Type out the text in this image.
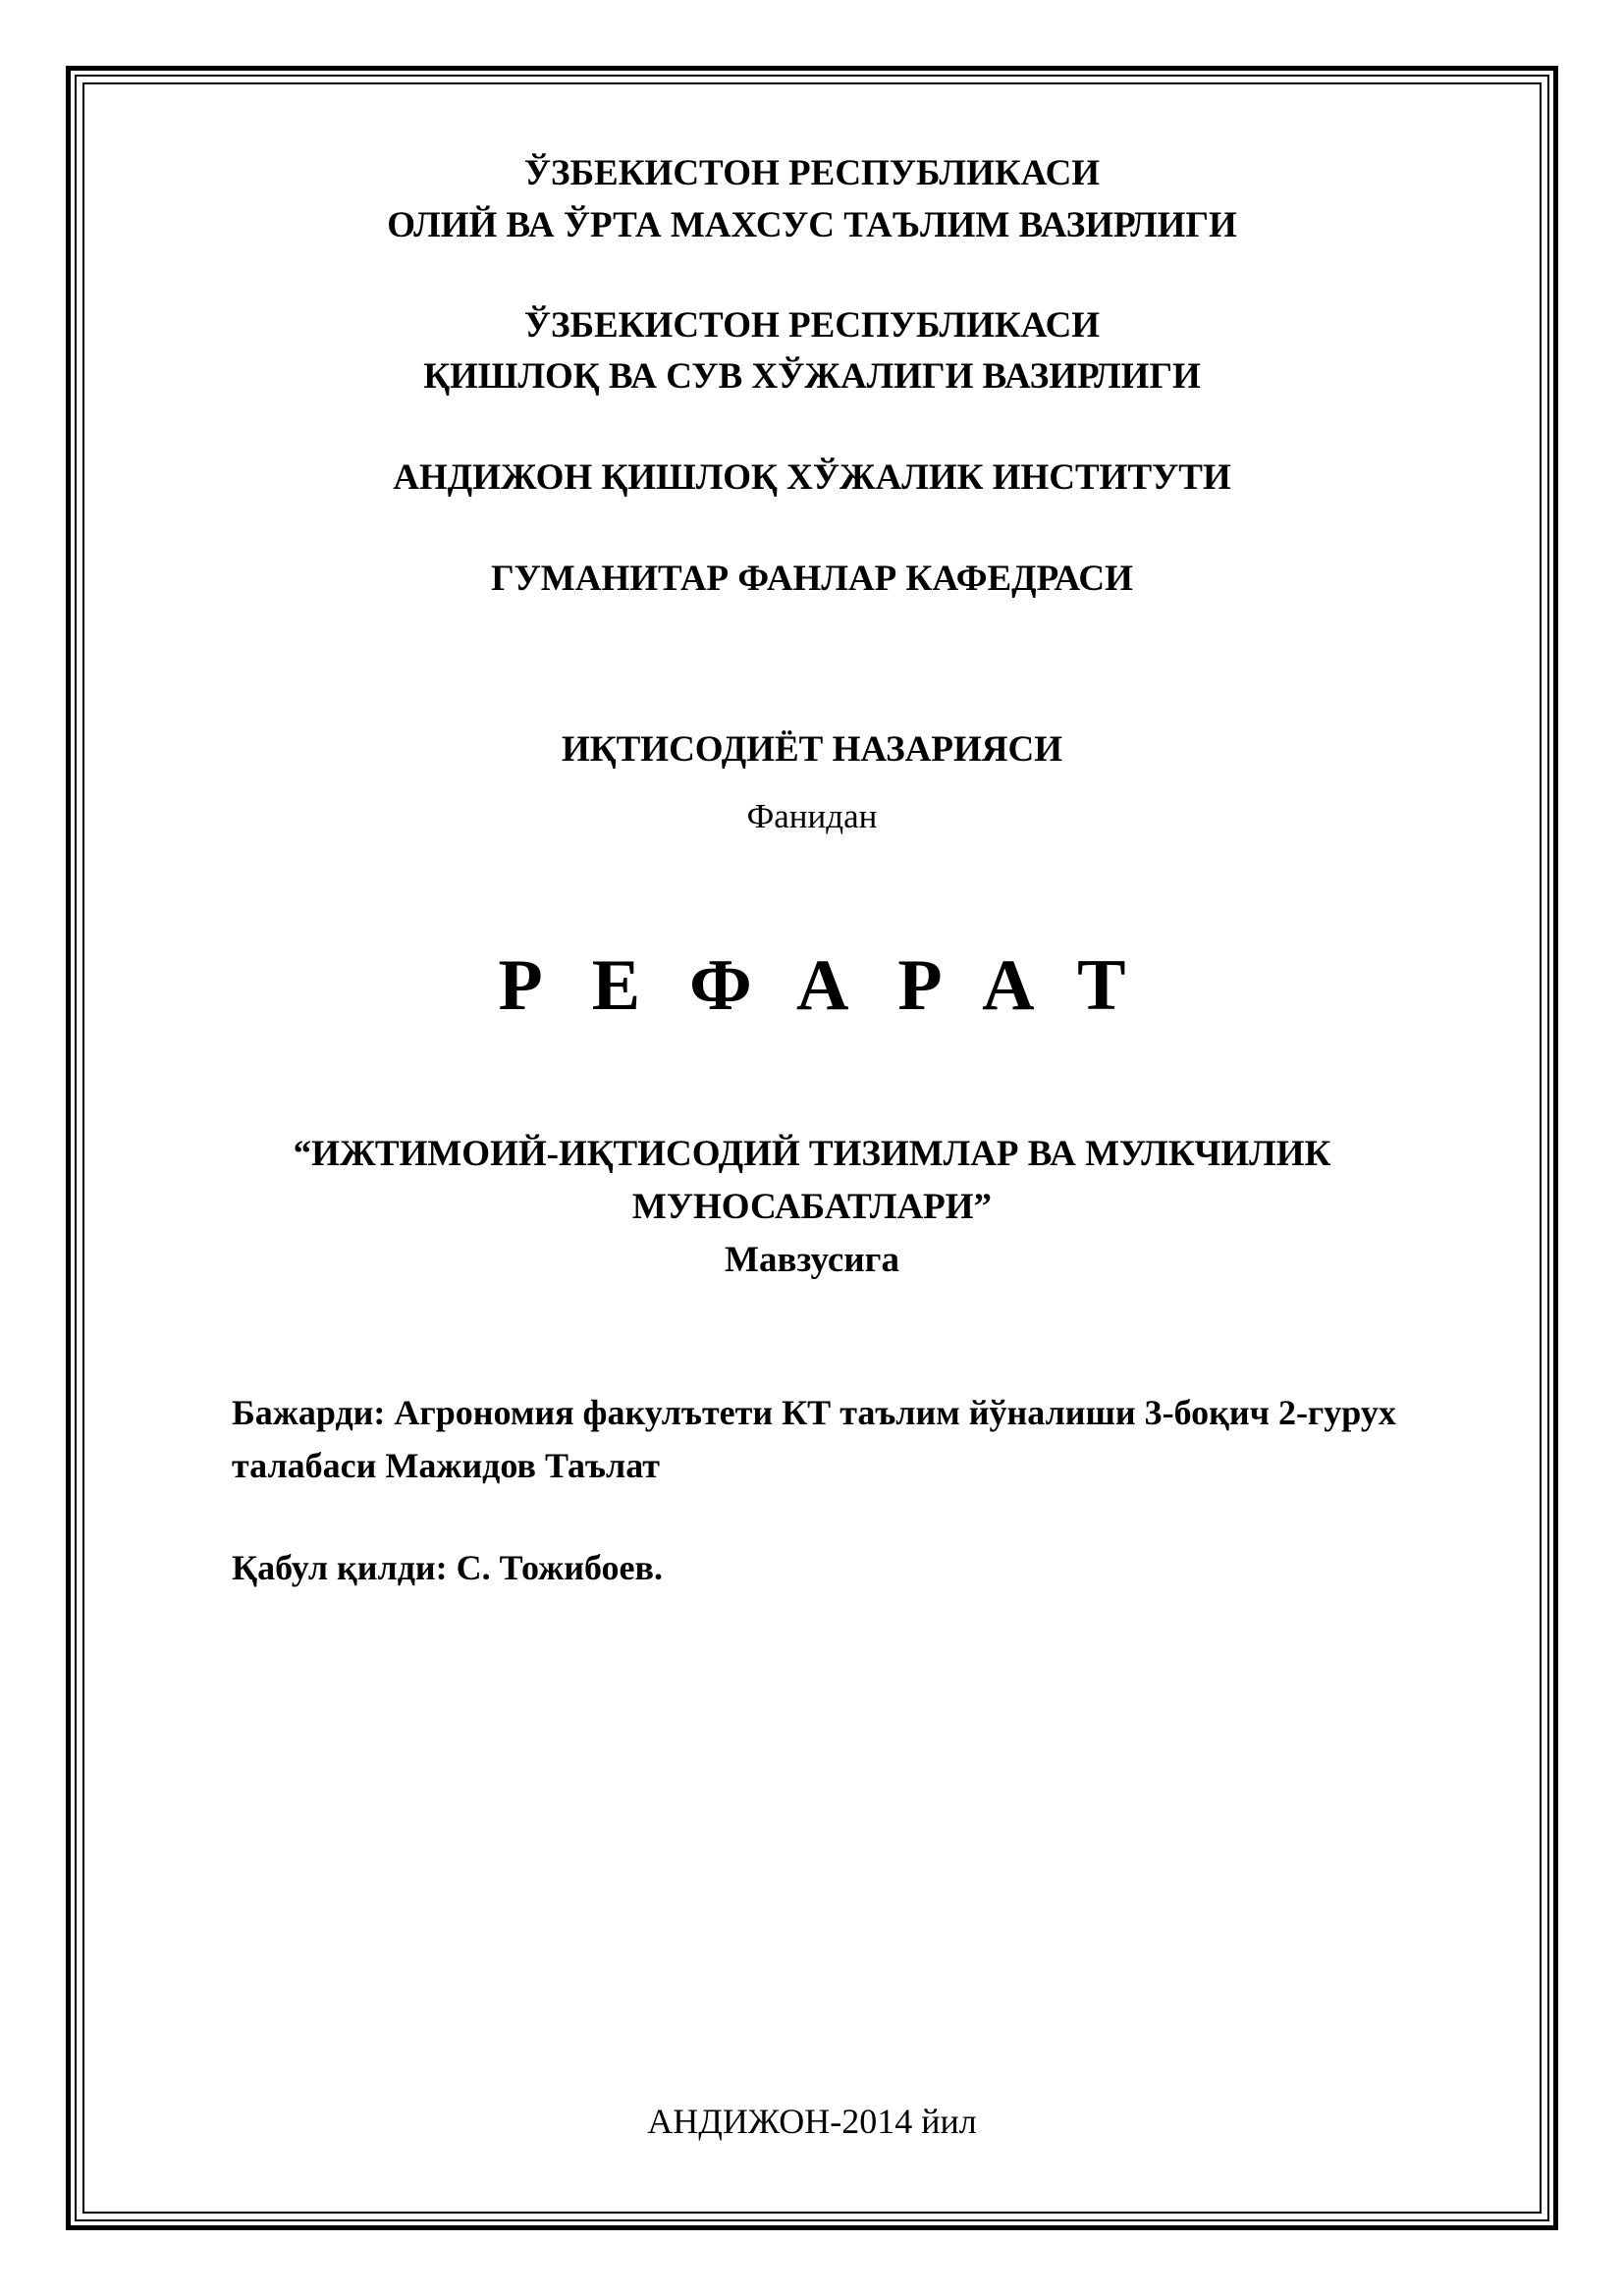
ЎЗБЕКИСТОН РЕСПУБЛИКАСИ
ОЛИЙ ВА ЎРТА МАХСУС ТАЪЛИМ ВАЗИРЛИГИ
ЎЗБЕКИСТОН РЕСПУБЛИКАСИ
ҚИШЛОҚ ВА СУВ ХЎЖАЛИГИ ВАЗИРЛИГИ
АНДИЖОН ҚИШЛОҚ ХЎЖАЛИК ИНСТИТУТИ
ГУМАНИТАР ФАНЛАР КАФЕДРАСИ
ИҚТИСОДИЁТ НАЗАРИЯСИ
Фанидан
РЕФАРАТ
“ИЖТИМОИЙ-ИҚТИСОДИЙ ТИЗИМЛАР ВА МУЛКЧИЛИК
МУНОСАБАТЛАРИ”
Мавзусига
Бажарди: Агрономия факулътети КТ таълим йўналиши 3-боқич 2-гурух
талабаси Мажидов Таълат
Қабул қилди: С. Тожибоев.
АНДИЖОН-2014 йил
